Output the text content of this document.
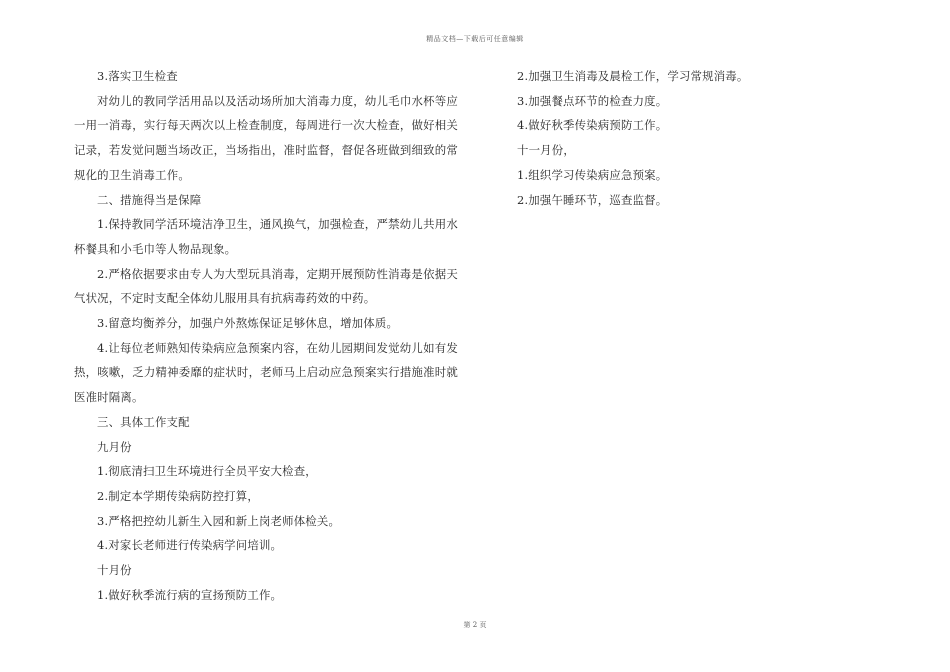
精品文档—下载后可任意编辑

3.落实卫生检查

对幼儿的教同学活用品以及活动场所加大消毒力度，幼儿毛巾水杯等应一用一消毒，实行每天两次以上检查制度，每周进行一次大检查，做好相关记录，若发觉问题当场改正，当场指出，准时监督，督促各班做到细致的常规化的卫生消毒工作。

二、措施得当是保障

1.保持教同学活环境洁净卫生，通风换气，加强检查，严禁幼儿共用水杯餐具和小毛巾等人物品现象。

2.严格依据要求由专人为大型玩具消毒，定期开展预防性消毒是依据天气状况，不定时支配全体幼儿服用具有抗病毒药效的中药。

3.留意均衡养分，加强户外熬炼保证足够休息，增加体质。

4.让每位老师熟知传染病应急预案内容，在幼儿园期间发觉幼儿如有发热，咳嗽，乏力精神委靡的症状时，老师马上启动应急预案实行措施准时就医准时隔离。

三、具体工作支配

九月份

1.彻底清扫卫生环境进行全员平安大检查，

2.制定本学期传染病防控打算，

3.严格把控幼儿新生入园和新上岗老师体检关。

4.对家长老师进行传染病学问培训。

十月份

1.做好秋季流行病的宣扬预防工作。

2.加强卫生消毒及晨检工作，学习常规消毒。

3.加强餐点环节的检查力度。

4.做好秋季传染病预防工作。

十一月份，

1.组织学习传染病应急预案。

2.加强午睡环节，巡查监督。

第 2 页
